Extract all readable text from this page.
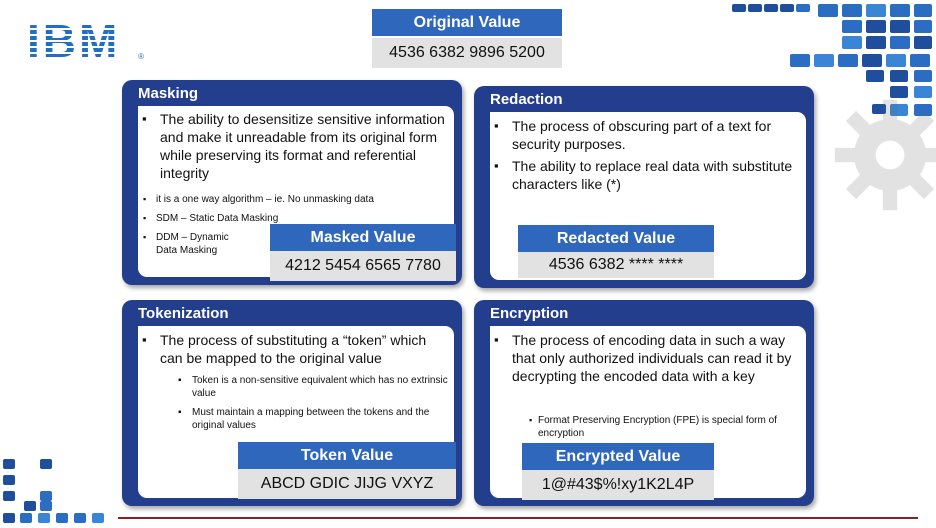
IBM	®
Original Value
4536 6382 9896 5200
Masking
▪ The ability to desensitize sensitive information and make it unreadable from its original form while preserving its format and referential integrity
▪ it is a one way algorithm – ie. No unmasking data
▪ SDM – Static Data Masking
▪ DDM – Dynamic Data Masking
Masked Value
4212 5454 6565 7780
Redaction
▪ The process of obscuring part of a text for security purposes.
▪ The ability to replace real data with substitute characters like (*)
Redacted Value
4536 6382 **** ****
Tokenization
▪ The process of substituting a “token” which can be mapped to the original value
▪ Token is a non-sensitive equivalent which has no extrinsic value
▪ Must maintain a mapping between the tokens and the original values
Token Value
ABCD GDIC JIJG VXYZ
Encryption
▪ The process of encoding data in such a way that only authorized individuals can read it by decrypting the encoded data with a key
▪ Format Preserving Encryption (FPE) is special form of encryption
Encrypted Value
1@#43$%!xy1K2L4P
